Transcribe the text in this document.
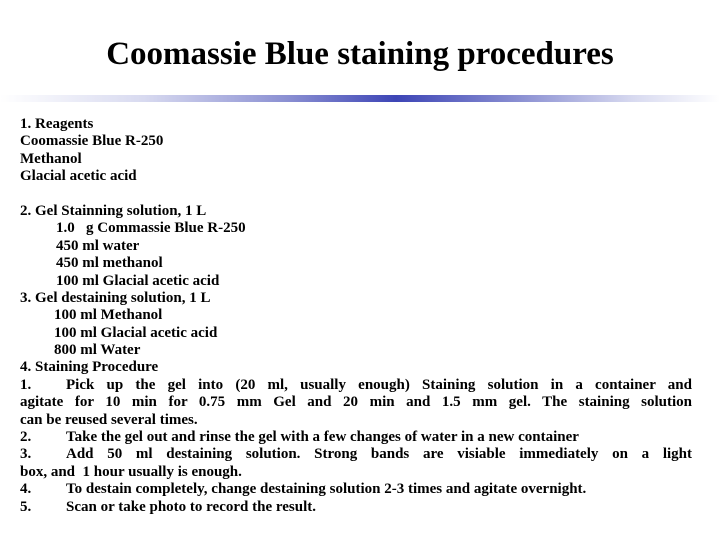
Coomassie Blue staining procedures
1. Reagents
Coomassie Blue R-250
Methanol
Glacial acetic acid
2. Gel Stainning solution, 1 L
1.0   g Commassie Blue R-250
450 ml water
450 ml methanol
100 ml Glacial acetic acid
3. Gel destaining solution, 1 L
100 ml Methanol
100 ml Glacial acetic acid
800 ml Water
4. Staining Procedure
1. Pick up the gel into (20 ml, usually enough) Staining solution in a container and
agitate for 10 min for 0.75 mm Gel and 20 min and 1.5 mm gel. The staining solution
can be reused several times.
2. Take the gel out and rinse the gel with a few changes of water in a new container
3. Add 50 ml destaining solution. Strong bands are visiable immediately on a light
box, and  1 hour usually is enough.
4. To destain completely, change destaining solution 2-3 times and agitate overnight.
5. Scan or take photo to record the result.
